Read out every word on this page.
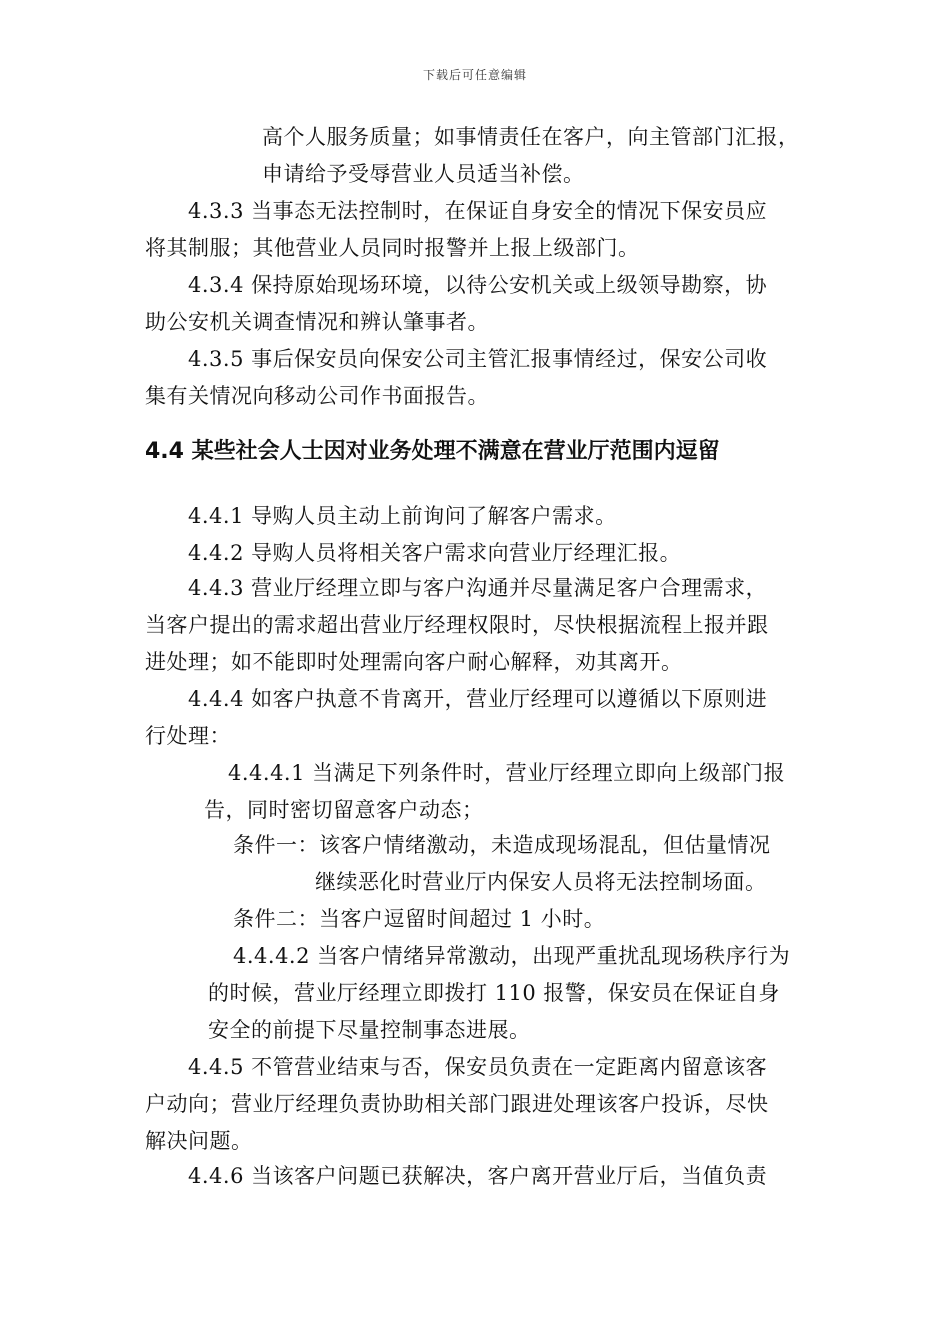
下载后可任意编辑
高个人服务质量；如事情责任在客户，向主管部门汇报，
申请给予受辱营业人员适当补偿。
4.3.3 当事态无法控制时，在保证自身安全的情况下保安员应
将其制服；其他营业人员同时报警并上报上级部门。
4.3.4 保持原始现场环境，以待公安机关或上级领导勘察，协
助公安机关调查情况和辨认肇事者。
4.3.5 事后保安员向保安公司主管汇报事情经过，保安公司收
集有关情况向移动公司作书面报告。
4.4 某些社会人士因对业务处理不满意在营业厅范围内逗留
4.4.1 导购人员主动上前询问了解客户需求。
4.4.2 导购人员将相关客户需求向营业厅经理汇报。
4.4.3 营业厅经理立即与客户沟通并尽量满足客户合理需求，
当客户提出的需求超出营业厅经理权限时，尽快根据流程上报并跟
进处理；如不能即时处理需向客户耐心解释，劝其离开。
4.4.4 如客户执意不肯离开，营业厅经理可以遵循以下原则进
行处理：
4.4.4.1 当满足下列条件时，营业厅经理立即向上级部门报
告，同时密切留意客户动态；
条件一：该客户情绪激动，未造成现场混乱，但估量情况
继续恶化时营业厅内保安人员将无法控制场面。
条件二：当客户逗留时间超过 1 小时。
4.4.4.2 当客户情绪异常激动，出现严重扰乱现场秩序行为
的时候，营业厅经理立即拨打 110 报警，保安员在保证自身
安全的前提下尽量控制事态进展。
4.4.5 不管营业结束与否，保安员负责在一定距离内留意该客
户动向；营业厅经理负责协助相关部门跟进处理该客户投诉，尽快
解决问题。
4.4.6 当该客户问题已获解决，客户离开营业厅后，当值负责
